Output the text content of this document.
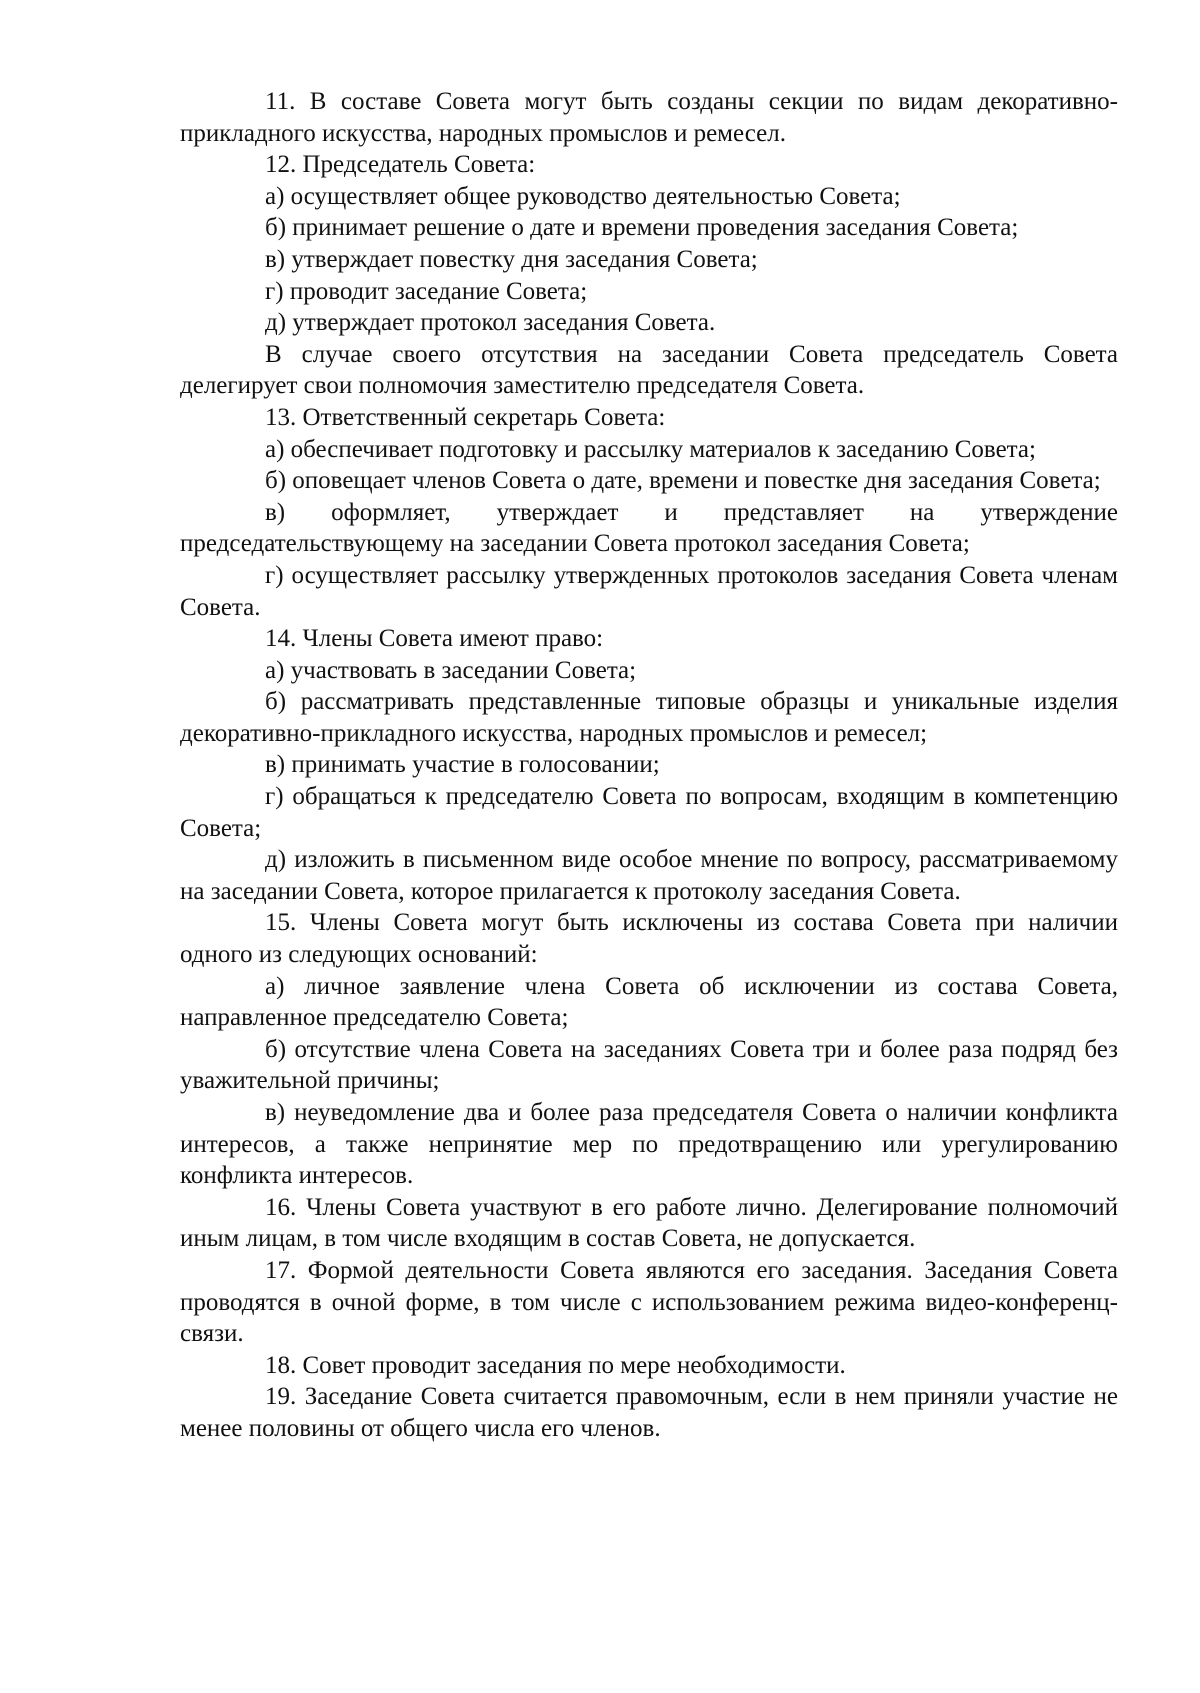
11. В составе Совета могут быть созданы секции по видам декоративно-прикладного искусства, народных промыслов и ремесел.

12. Председатель Совета:

а) осуществляет общее руководство деятельностью Совета;

б) принимает решение о дате и времени проведения заседания Совета;

в) утверждает повестку дня заседания Совета;

г) проводит заседание Совета;

д) утверждает протокол заседания Совета.

В случае своего отсутствия на заседании Совета председатель Совета делегирует свои полномочия заместителю председателя Совета.

13. Ответственный секретарь Совета:

а) обеспечивает подготовку и рассылку материалов к заседанию Совета;

б) оповещает членов Совета о дате, времени и повестке дня заседания Совета;

в) оформляет, утверждает и представляет на утверждение председательствующему на заседании Совета протокол заседания Совета;

г) осуществляет рассылку утвержденных протоколов заседания Совета членам Совета.

14. Члены Совета имеют право:

а) участвовать в заседании Совета;

б) рассматривать представленные типовые образцы и уникальные изделия декоративно-прикладного искусства, народных промыслов и ремесел;

в) принимать участие в голосовании;

г) обращаться к председателю Совета по вопросам, входящим в компетенцию Совета;

д) изложить в письменном виде особое мнение по вопросу, рассматриваемому на заседании Совета, которое прилагается к протоколу заседания Совета.

15. Члены Совета могут быть исключены из состава Совета при наличии одного из следующих оснований:

а) личное заявление члена Совета об исключении из состава Совета, направленное председателю Совета;

б) отсутствие члена Совета на заседаниях Совета три и более раза подряд без уважительной причины;

в) неуведомление два и более раза председателя Совета о наличии конфликта интересов, а также непринятие мер по предотвращению или урегулированию конфликта интересов.

16. Члены Совета участвуют в его работе лично. Делегирование полномочий иным лицам, в том числе входящим в состав Совета, не допускается.

17. Формой деятельности Совета являются его заседания. Заседания Совета проводятся в очной форме, в том числе с использованием режима видео-конференц-связи.

18. Совет проводит заседания по мере необходимости.

19. Заседание Совета считается правомочным, если в нем приняли участие не менее половины от общего числа его членов.
